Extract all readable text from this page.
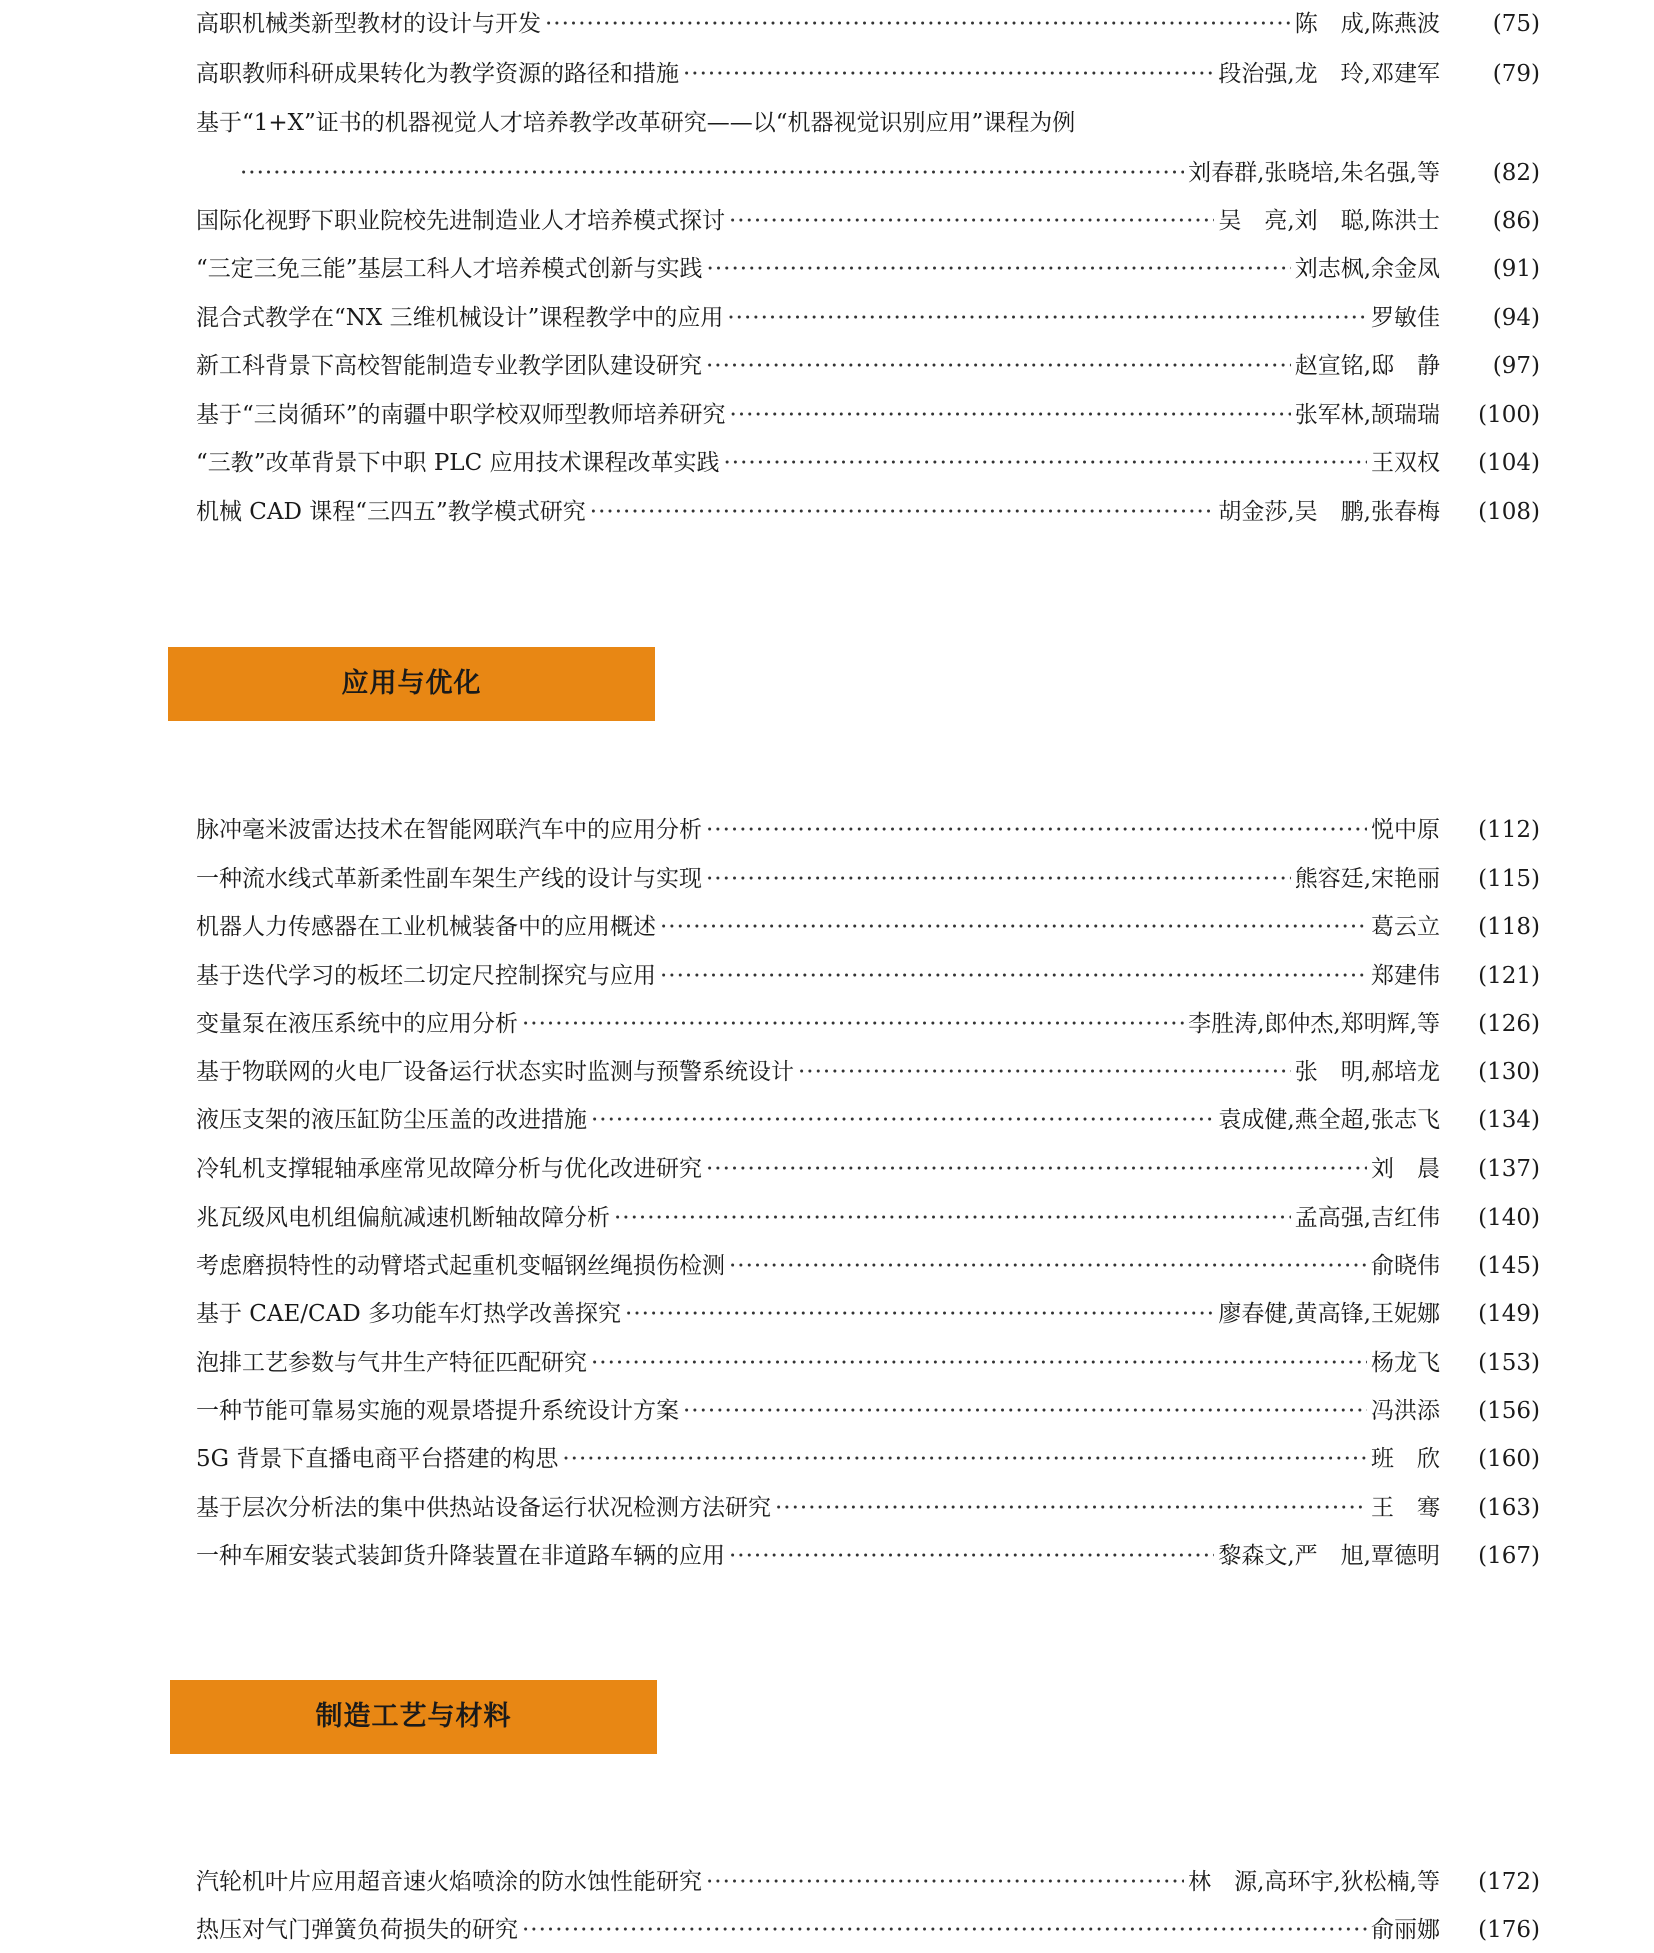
高职机械类新型教材的设计与开发 ·····	陈　成,陈燕波	(75)
高职教师科研成果转化为教学资源的路径和措施 ·····	段治强,龙　玲,邓建军	(79)
基于“1+X”证书的机器视觉人才培养教学改革研究——以“机器视觉识别应用”课程为例
·····
刘春群,张晓培,朱名强,等	(82)
国际化视野下职业院校先进制造业人才培养模式探讨 ·····	吴　亮,刘　聪,陈洪士	(86)
“三定三免三能”基层工科人才培养模式创新与实践 ·····	刘志枫,余金凤	(91)
混合式教学在“NX 三维机械设计”课程教学中的应用 ·····	罗敏佳	(94)
新工科背景下高校智能制造专业教学团队建设研究 ·····	赵宣铭,邸　静	(97)
基于“三岗循环”的南疆中职学校双师型教师培养研究 ·····	张军林,颉瑞瑞	(100)
“三教”改革背景下中职 PLC 应用技术课程改革实践 ·····	王双权	(104)
机械 CAD 课程“三四五”教学模式研究 ·····	胡金莎,吴　鹏,张春梅	(108)
应用与优化
脉冲毫米波雷达技术在智能网联汽车中的应用分析 ·····	悦中原	(112)
一种流水线式革新柔性副车架生产线的设计与实现 ·····	熊容廷,宋艳丽	(115)
机器人力传感器在工业机械装备中的应用概述 ·····	葛云立	(118)
基于迭代学习的板坯二切定尺控制探究与应用 ·····	郑建伟	(121)
变量泵在液压系统中的应用分析 ·····	李胜涛,郎仲杰,郑明辉,等	(126)
基于物联网的火电厂设备运行状态实时监测与预警系统设计 ·····	张　明,郝培龙	(130)
液压支架的液压缸防尘压盖的改进措施 ·····	袁成健,燕全超,张志飞	(134)
冷轧机支撑辊轴承座常见故障分析与优化改进研究 ·····	刘　晨	(137)
兆瓦级风电机组偏航减速机断轴故障分析 ·····	孟高强,吉红伟	(140)
考虑磨损特性的动臂塔式起重机变幅钢丝绳损伤检测 ·····	俞晓伟	(145)
基于 CAE/CAD 多功能车灯热学改善探究 ·····	廖春健,黄高锋,王妮娜	(149)
泡排工艺参数与气井生产特征匹配研究 ·····	杨龙飞	(153)
一种节能可靠易实施的观景塔提升系统设计方案 ·····	冯洪添	(156)
5G 背景下直播电商平台搭建的构思 ·····	班　欣	(160)
基于层次分析法的集中供热站设备运行状况检测方法研究 ·····	王　骞	(163)
一种车厢安装式装卸货升降装置在非道路车辆的应用 ·····	黎森文,严　旭,覃德明	(167)
制造工艺与材料
汽轮机叶片应用超音速火焰喷涂的防水蚀性能研究 ·····	林　源,高环宇,狄松楠,等	(172)
热压对气门弹簧负荷损失的研究 ·····	俞丽娜	(176)
